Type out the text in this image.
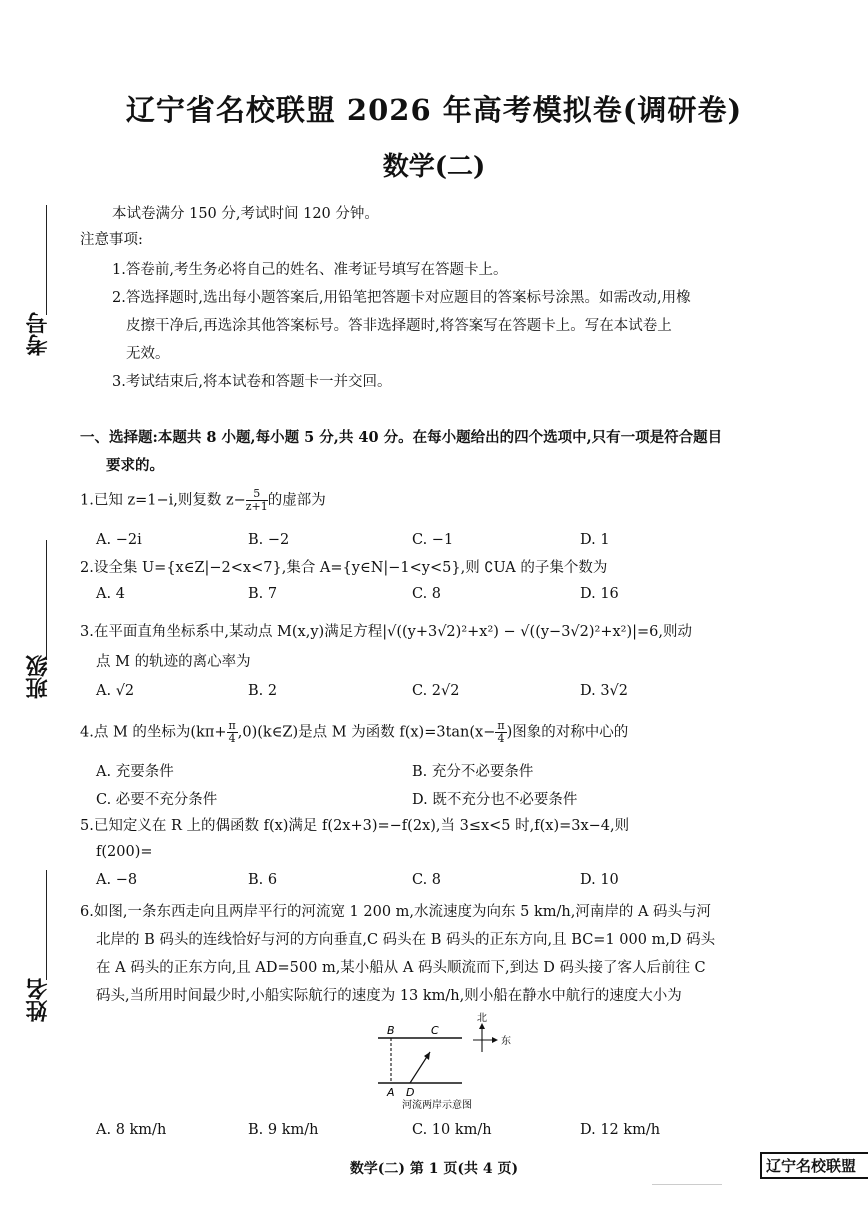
辽宁省名校联盟 2026 年高考模拟卷(调研卷)
数学(二)
考号
班级
姓名
本试卷满分 150 分,考试时间 120 分钟。
注意事项:
1.答卷前,考生务必将自己的姓名、准考证号填写在答题卡上。
2.答选择题时,选出每小题答案后,用铅笔把答题卡对应题目的答案标号涂黑。如需改动,用橡
皮擦干净后,再选涂其他答案标号。答非选择题时,将答案写在答题卡上。写在本试卷上
无效。
3.考试结束后,将本试卷和答题卡一并交回。
一、选择题:本题共 8 小题,每小题 5 分,共 40 分。在每小题给出的四个选项中,只有一项是符合题目
要求的。
1.已知 z=1−i,则复数 $z- \frac{5}{z+1}$ 的虚部为
A. −2i	B. −2	C. −1	D. 1
2.设全集 U={x∈Z|−2<x<7},集合 A={y∈N|−1<y<5},则 ∁UA 的子集个数为
A. 4	B. 7	C. 8	D. 16
3.在平面直角坐标系中,某动点 M(x,y)满足方程|√((y+3√2)²+x²) − √((y−3√2)²+x²)|=6,则动
点 M 的轨迹的离心率为
A. √2	B. 2	C. 2√2	D. 3√2
4.点 M 的坐标为($k\pi+ \frac{\pi}{4}$ ,0)(k∈Z)是点 M 为函数 $f(x)=3\tan(x- \frac{\pi}{4}$ )图象的对称中心的
A. 充要条件	B. 充分不必要条件
C. 必要不充分条件	D. 既不充分也不必要条件
5.已知定义在 R 上的偶函数 f(x)满足 f(2x+3)=−f(2x),当 3≤x<5 时,f(x)=3x−4,则
f(200)=
A. −8	B. 6	C. 8	D. 10
6.如图,一条东西走向且两岸平行的河流宽 1 200 m,水流速度为向东 5 km/h,河南岸的 A 码头与河
北岸的 B 码头的连线恰好与河的方向垂直,C 码头在 B 码头的正东方向,且 BC=1 000 m,D 码头
在 A 码头的正东方向,且 AD=500 m,某小船从 A 码头顺流而下,到达 D 码头接了客人后前往 C
码头,当所用时间最少时,小船实际航行的速度为 13 km/h,则小船在静水中航行的速度大小为
B	C
A D
北
东
河流两岸示意图
A. 8 km/h	B. 9 km/h	C. 10 km/h	D. 12 km/h
数学(二) 第 1 页(共 4 页)	辽宁名校联盟
